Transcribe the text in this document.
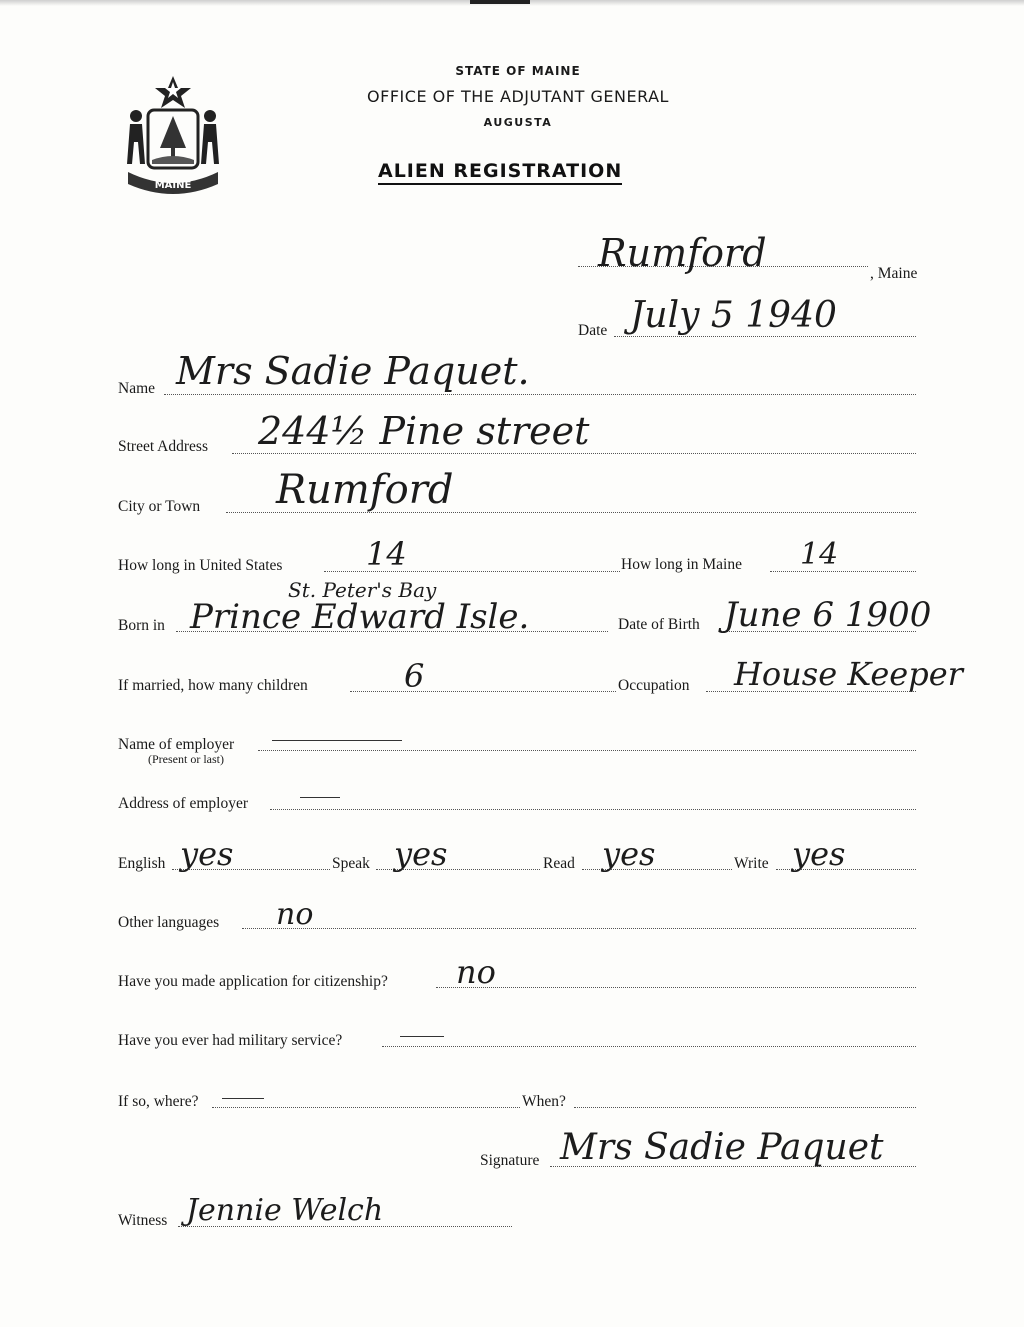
MAINE
STATE OF MAINE
OFFICE OF THE ADJUTANT GENERAL
AUGUSTA
ALIEN REGISTRATION
Rumford	, Maine
Date July 5 1940
Name Mrs Sadie Paquet.
Street Address 244½ Pine street
City or Town Rumford
How long in United States	14	How long in Maine 14
St. Peter's Bay
Born in Prince Edward Isle.	Date of Birth June 6 1900
If married, how many children	6	Occupation House Keeper
Name of employer
(Present or last)
Address of employer
English yes	Speak yes	Read yes	Write yes
Other languages no
Have you made application for citizenship? no
Have you ever had military service?
If so, where?	When?
Signature Mrs Sadie Paquet
Witness Jennie Welch
